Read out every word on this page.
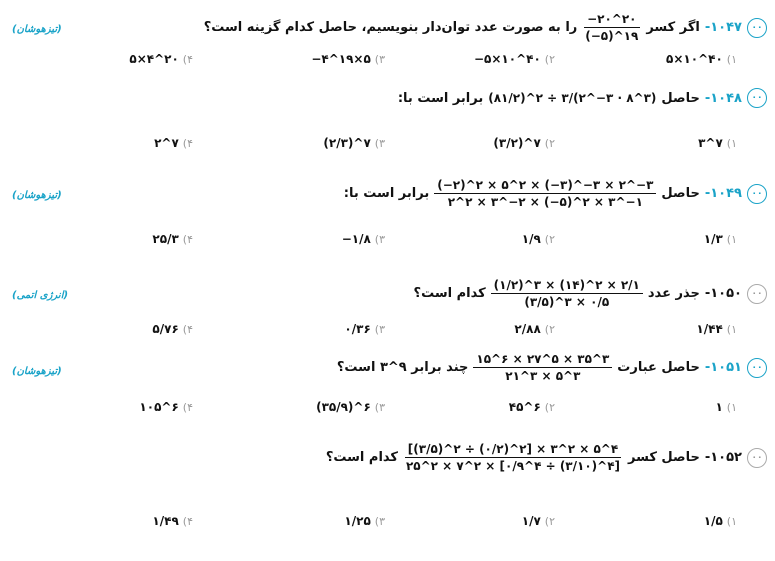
(تیزهوشان)	۰۰
۱۰۴۷-
اگر کسر
$\frac{-۲۰\^{}۲۰}{(-۵)\^{}۱۹}$
را به صورت عدد توان‌دار بنویسیم، حاصل کدام گزینه است؟
۱)
۵×۱۰^۴۰
۲)
−۵×۱۰^۴۰
۳)
−۴^۱۹×۵
۴)
۵×۴^۲۰
۰۰
۱۰۴۸-
حاصل
(۸۱/۲)^۲ ÷ ۳/(۲^−۳ · ۸^۳)
برابر است با:
۱)
۳^۷
۲)
(۳/۲)^۷
۳)
(۲/۳)^۷
۴)
۲^۷
(تیزهوشان)	۰۰
۱۰۴۹-
حاصل
$\frac{(-۲)\^{}۲ \times ۵\^{}۲ \times (-۳)\^{}-۳ \times ۲\^{}-۳}{۲\^{}۲ \times ۳\^{}-۲ \times (-۵)\^{}۲ \times ۳\^{}-۱}$
برابر است با:
۱)
۱/۳
۲)
۱/۹
۳)
−۱/۸
۴)
۲۵/۳
(انرژی اتمی)	۰۰
۱۰۵۰-
جذر عدد
$\frac{(۱/۲)\^{}۳ \times (۱۴)\^{}۲ \times ۲/۱}{(۳/۵)\^{}۳ \times ۰/۵}$
کدام است؟
۱)
۱/۴۴
۲)
۲/۸۸
۳)
۰/۳۶
۴)
۵/۷۶
(تیزهوشان)	۰۰
۱۰۵۱-
حاصل عبارت
$\frac{۱۵\^{}۶ \times ۲۷\^{}۵ \times ۳۵\^{}۳}{۲۱\^{}۳ \times ۵\^{}۳}$
چند برابر ۹^۳ است؟
۱)
۱
۲)
۴۵^۶
۳)
(۳۵/۹)^۶
۴)
۱۰۵^۶
۰۰
۱۰۵۲-
حاصل کسر
$\frac{[(۳/۵)\^{}۲ \div (۰/۲)\^{}۲] \times ۳\^{}۲ \times ۵\^{}۴}{۲۵\^{}۲ \times ۷\^{}۲ \times [۰/۹\^{}۴ \div (۳/۱۰)\^{}۴]}$
کدام است؟
۱)
۱/۵
۲)
۱/۷
۳)
۱/۲۵
۴)
۱/۴۹
